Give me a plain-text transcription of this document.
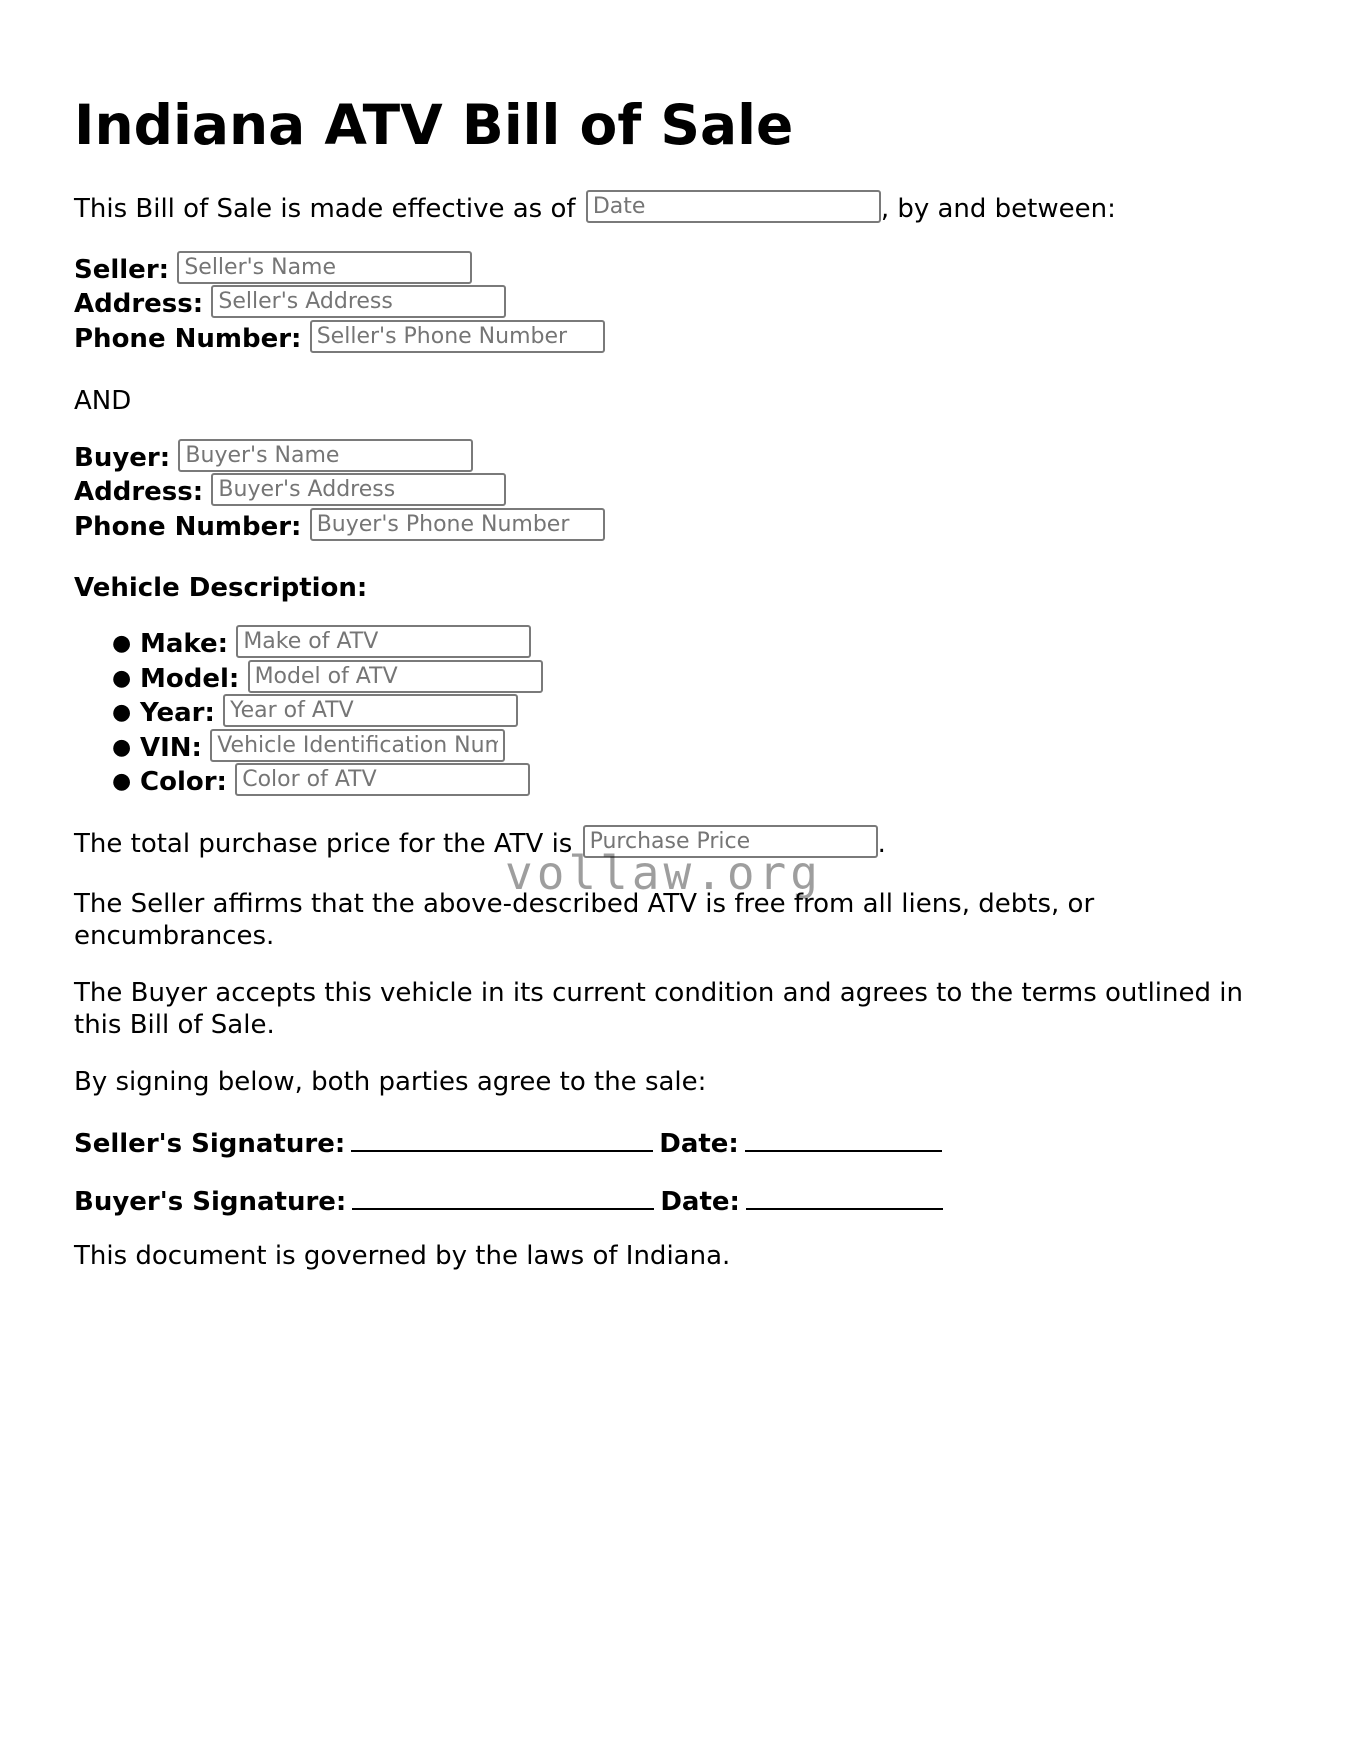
Indiana ATV Bill of Sale
This Bill of Sale is made effective as of Date	, by and between:
Seller: Seller's Name
Address: Seller's Address
Phone Number: Seller's Phone Number
AND
Buyer: Buyer's Name
Address: Buyer's Address
Phone Number: Buyer's Phone Number
Vehicle Description:
● Make: Make of ATV
● Model: Model of ATV
● Year: Year of ATV
● VIN: Vehicle Identification Num
● Color: Color of ATV
The total purchase price for the ATV is Purchase Price	.
The Seller affirms that the above-described ATV is free from all liens, debts, or encumbrances.
The Buyer accepts this vehicle in its current condition and agrees to the terms outlined in this Bill of Sale.
By signing below, both parties agree to the sale:
Seller's Signature:	Date:
Buyer's Signature:	Date:
This document is governed by the laws of Indiana.
vollaw.org
